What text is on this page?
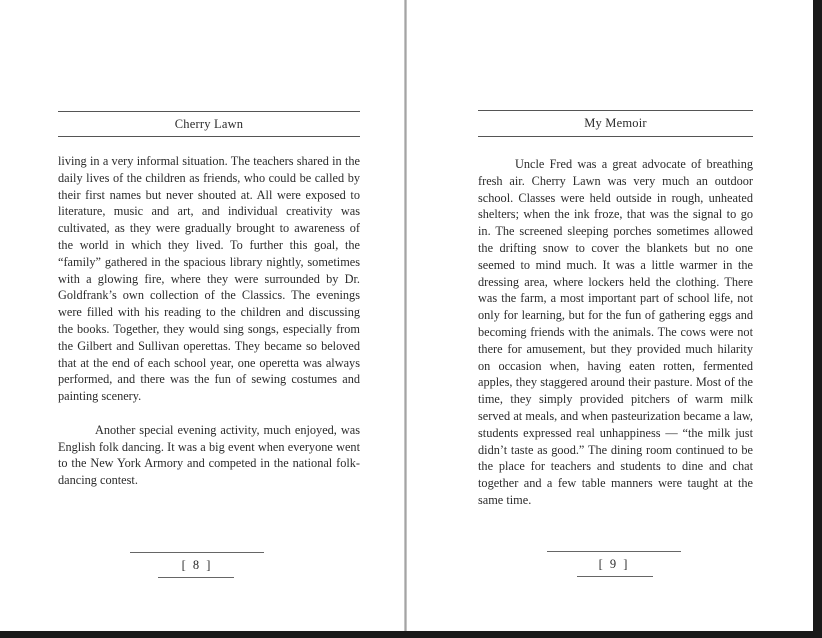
Cherry Lawn

living in a very informal situation. The teachers shared in the daily lives of the children as friends, who could be called by their first names but never shouted at. All were exposed to literature, music and art, and individual creativity was cultivated, as they were gradually brought to awareness of the world in which they lived. To further this goal, the “family” gathered in the spacious library nightly, sometimes with a glowing fire, where they were surrounded by Dr. Goldfrank’s own collection of the Classics. The evenings were filled with his reading to the children and discussing the books. Together, they would sing songs, especially from the Gilbert and Sullivan operettas. They became so beloved that at the end of each school year, one operetta was always performed, and there was the fun of sewing costumes and painting scenery.

Another special evening activity, much enjoyed, was English folk dancing. It was a big event when everyone went to the New York Armory and competed in the national folk-dancing contest.

[ 8 ]
My Memoir

Uncle Fred was a great advocate of breathing fresh air. Cherry Lawn was very much an outdoor school. Classes were held outside in rough, unheated shelters; when the ink froze, that was the signal to go in. The screened sleeping porches sometimes allowed the drifting snow to cover the blankets but no one seemed to mind much. It was a little warmer in the dressing area, where lockers held the clothing. There was the farm, a most important part of school life, not only for learning, but for the fun of gathering eggs and becoming friends with the animals. The cows were not there for amusement, but they provided much hilarity on occasion when, having eaten rotten, fermented apples, they staggered around their pasture. Most of the time, they simply provided pitchers of warm milk served at meals, and when pasteurization became a law, students expressed real unhappiness — “the milk just didn’t taste as good.” The dining room continued to be the place for teachers and students to dine and chat together and a few table manners were taught at the same time.

[ 9 ]
